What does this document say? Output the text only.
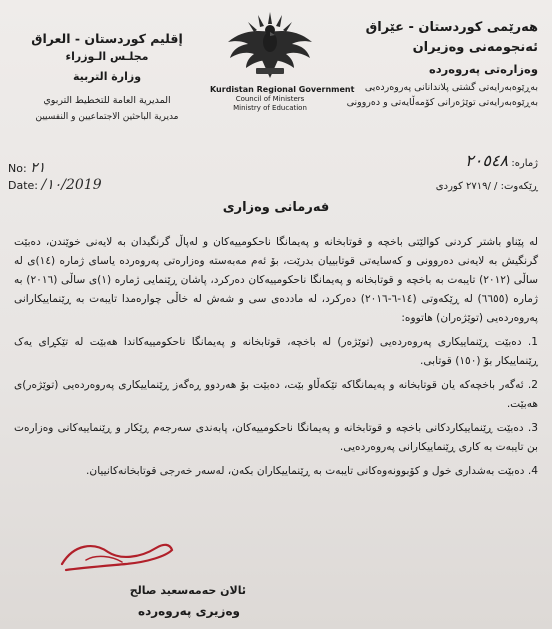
هەرێمی کوردستان - عێراق
ئەنجومەنی وەزیران
وەزارەتی پەروەردە
بەڕێوەبەرایەتی گشتی پلاندانانی پەروەردەیی
بەڕێوەبەرایەتی توێژەرانی کۆمەڵایەتی و دەروونی
Kurdistan Regional Government
Council of Ministers
Ministry of Education
إقليم كوردستان - العراق
مجلـس الـوزراء
وزارة التربية
المديرية العامة للتخطيط التربوي
مديرية الباحثين الاجتماعيين و النفسيين
No: ٢١
Date: /١٠/2019
ژمارە: ٢٠٥٤٨
ڕێکەوت: / /٢٧١٩ كوردی
فەرمانی وەزاری

لە پێناو باشتر کردنی کوالێتی باخچە و قوتابخانە و پەیمانگا ناحکومییەکان و لەپاڵ گرنگیدان بە لایەنی خوێندن، دەبێت گرنگیش بە لایەنی دەروونی و کەسایەتی قوتابییان بدرێت، بۆ ئەم مەبەستە وەزارەتی پەروەردە یاسای ژمارە (١٤)ی لە ساڵی (٢٠١٢) تایبەت بە باخچە و قوتابخانە و پەیمانگا ناحکومییەکان دەرکرد، پاشان ڕێنمایی ژمارە (١)ی ساڵی (٢٠١٦) بە ژمارە (٦٦٥٥) لە ڕێکەوتی (١٤-٦-٢٠١٦) دەرکرد، لە ماددەی سی و شەش لە خاڵی چوارەمدا تایبەت بە ڕێنماییکارانی پەروەردەیی (توێژەران) هاتووە:

1. دەبێت ڕێنماییکاری پەروەردەیی (توێژەر) لە باخچە، قوتابخانە و پەیمانگا ناحکومییەکاندا هەبێت لە تێکڕای یەک ڕێنماییکار بۆ (١٥٠) قوتابی.

2. ئەگەر باخچەکە یان قوتابخانە و پەیمانگاکە تێکەڵاو بێت، دەبێت بۆ هەردوو ڕەگەز ڕێنماییکاری پەروەردەیی (توێژەر)ی هەبێت.

3. دەبێت ڕێنماییکاردکانی باخچە و قوتابخانە و پەیمانگا ناحکومییەکان، پابەندی سەرجەم ڕێکار و ڕێنماییەکانی وەزارەت بن تایبەت بە کاری ڕێنماییکارانی پەروەردەیی.

4. دەبێت بەشداری خول و کۆبوونەوەکانی تایبەت بە ڕێنماییکاران بکەن، لەسەر خەرجی قوتابخانەکانییان.

ئالان حەمەسعید صالح
وەزیری پەروەردە
